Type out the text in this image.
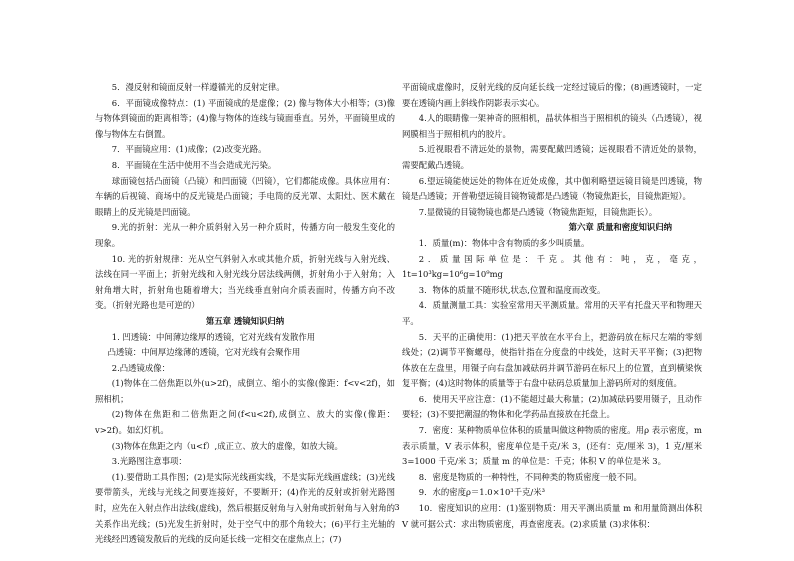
5．漫反射和镜面反射一样遵循光的反射定律。

6．平面镜成像特点：(1) 平面镜成的是虚像；(2) 像与物体大小相等；(3)像与物体到镜面的距离相等；(4)像与物体的连线与镜面垂直。另外，平面镜里成的像与物体左右倒置。

7．平面镜应用：(1)成像；(2)改变光路。

8．平面镜在生活中使用不当会造成光污染。

球面镜包括凸面镜（凸镜）和凹面镜（凹镜），它们都能成像。具体应用有：车辆的后视镜、商场中的反光镜是凸面镜；手电筒的反光罩、太阳灶、医术戴在眼睛上的反光镜是凹面镜。

9.光的折射：光从一种介质斜射入另一种介质时，传播方向一般发生变化的现象。

10. 光的折射规律：光从空气斜射入水或其他介质，折射光线与入射光线、法线在同一平面上；折射光线和入射光线分居法线两侧，折射角小于入射角；入射角增大时，折射角也随着增大；当光线垂直射向介质表面时，传播方向不改变。（折射光路也是可逆的）

第五章 透镜知识归纳

1. 凹透镜：中间薄边缘厚的透镜，它对光线有发散作用

凸透镜：中间厚边缘薄的透镜，它对光线有会聚作用

2.凸透镜成像：

(1)物体在二倍焦距以外(u>2f)，成倒立、缩小的实像(像距：f<v<2f)，如照相机；

(2)物体在焦距和二倍焦距之间(f<u<2f),成倒立、放大的实像(像距：v>2f)。如幻灯机。

(3)物体在焦距之内（u<f）,成正立、放大的虚像，如放大镜。

3.光路图注意事项：

(1).要借助工具作图；(2)是实际光线画实线，不是实际光线画虚线；(3)光线要带箭头，光线与光线之间要连接好，不要断开；(4)作光的反射或折射光路图时，应先在入射点作出法线(虚线)，然后根据反射角与入射角或折射角与入射角的关系作出光线；(5)光发生折射时，处于空气中的那个角较大；(6)平行主光轴的光线经凹透镜发散后的光线的反向延长线一定相交在虚焦点上；(7)

平面镜成虚像时，反射光线的反向延长线一定经过镜后的像；(8)画透镜时，一定要在透镜内画上斜线作阴影表示实心。

4.人的眼睛像一架神奇的照相机，晶状体相当于照相机的镜头（凸透镜），视网膜相当于照相机内的胶片。

5.近视眼看不清远处的景物，需要配戴凹透镜；远视眼看不清近处的景物，需要配戴凸透镜。

6.望远镜能使远处的物体在近处成像，其中伽利略望远镜目镜是凹透镜，物镜是凸透镜；开普勒望远镜目镜物镜都是凸透镜（物镜焦距长，目镜焦距短）。

7.显微镜的目镜物镜也都是凸透镜（物镜焦距短，目镜焦距长）。

第六章 质量和密度知识归纳

1．质量(m)：物体中含有物质的多少叫质量。

2．质量国际单位是：千克。其他有：吨，克，毫克，1t=10³kg=10⁶g=10⁹mg

3．物体的质量不随形状,状态,位置和温度而改变。

4．质量测量工具：实验室常用天平测质量。常用的天平有托盘天平和物理天平。

5．天平的正确使用：(1)把天平放在水平台上，把游码放在标尺左端的零刻线处；(2)调节平衡螺母，使指针指在分度盘的中线处，这时天平平衡；(3)把物体放在左盘里，用镊子向右盘加减砝码并调节游码在标尺上的位置，直到横梁恢复平衡；(4)这时物体的质量等于右盘中砝码总质量加上游码所对的刻度值。

6．使用天平应注意：(1)不能超过最大称量；(2)加减砝码要用镊子，且动作要轻；(3)不要把潮湿的物体和化学药品直接放在托盘上。

7．密度：某种物质单位体积的质量叫做这种物质的密度。用ρ 表示密度，m 表示质量，V 表示体积，密度单位是千克/米 3，(还有：克/厘米 3)，1 克/厘米 3=1000 千克/米 3；质量 m 的单位是：千克；体积 V 的单位是米 3。

8．密度是物质的一种特性，不同种类的物质密度一般不同。

9．水的密度ρ＝1.0×10³千克/米³

10．密度知识的应用：(1)鉴别物质：用天平测出质量 m 和用量筒测出体积 V 就可据公式：求出物质密度，再查密度表。(2)求质量 (3)求体积：

3
